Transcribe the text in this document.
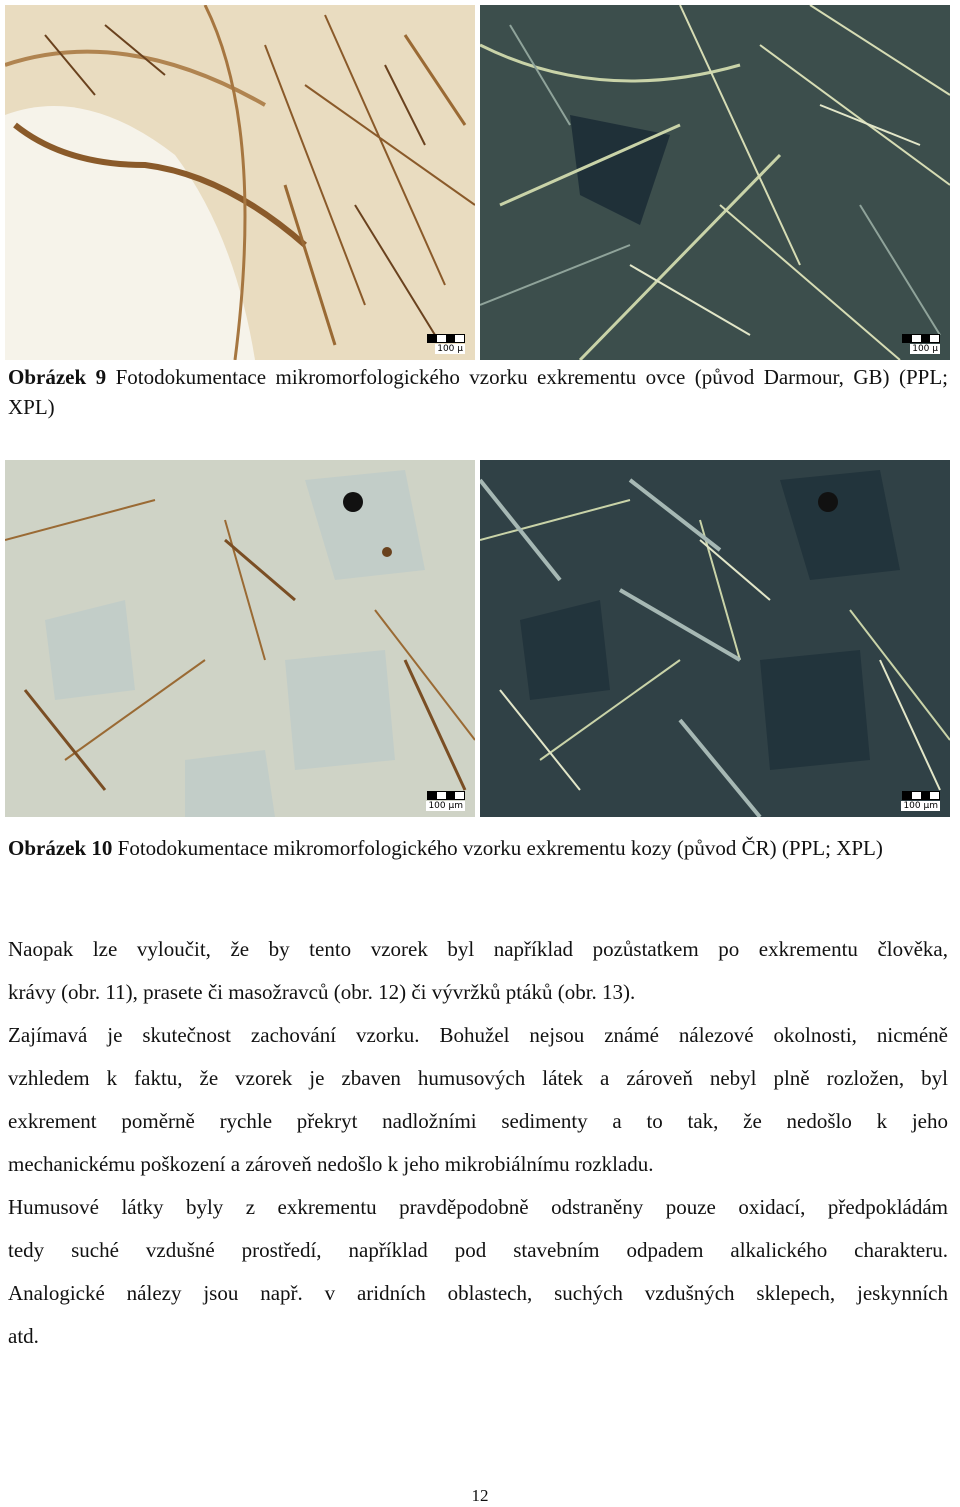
100 µ	100 µ
Obrázek 9 Fotodokumentace mikromorfologického vzorku exkrementu ovce (původ Darmour, GB) (PPL; XPL)
100 µm	100 µm
Obrázek 10 Fotodokumentace mikromorfologického vzorku exkrementu kozy (původ ČR) (PPL; XPL)
Naopak lze vyloučit, že by tento vzorek byl například pozůstatkem po exkrementu člověka,
krávy (obr. 11), prasete či masožravců (obr. 12) či vývržků ptáků (obr. 13).
Zajímavá je skutečnost zachování vzorku. Bohužel nejsou známé nálezové okolnosti, nicméně
vzhledem k faktu, že vzorek je zbaven humusových látek a zároveň nebyl plně rozložen, byl
exkrement poměrně rychle překryt nadložními sedimenty a to tak, že nedošlo k jeho
mechanickému poškození a zároveň nedošlo k jeho mikrobiálnímu rozkladu.
Humusové látky byly z exkrementu pravděpodobně odstraněny pouze oxidací, předpokládám
tedy suché vzdušné prostředí, například pod stavebním odpadem alkalického charakteru.
Analogické nálezy jsou např. v aridních oblastech, suchých vzdušných sklepech, jeskynních
atd.
12
